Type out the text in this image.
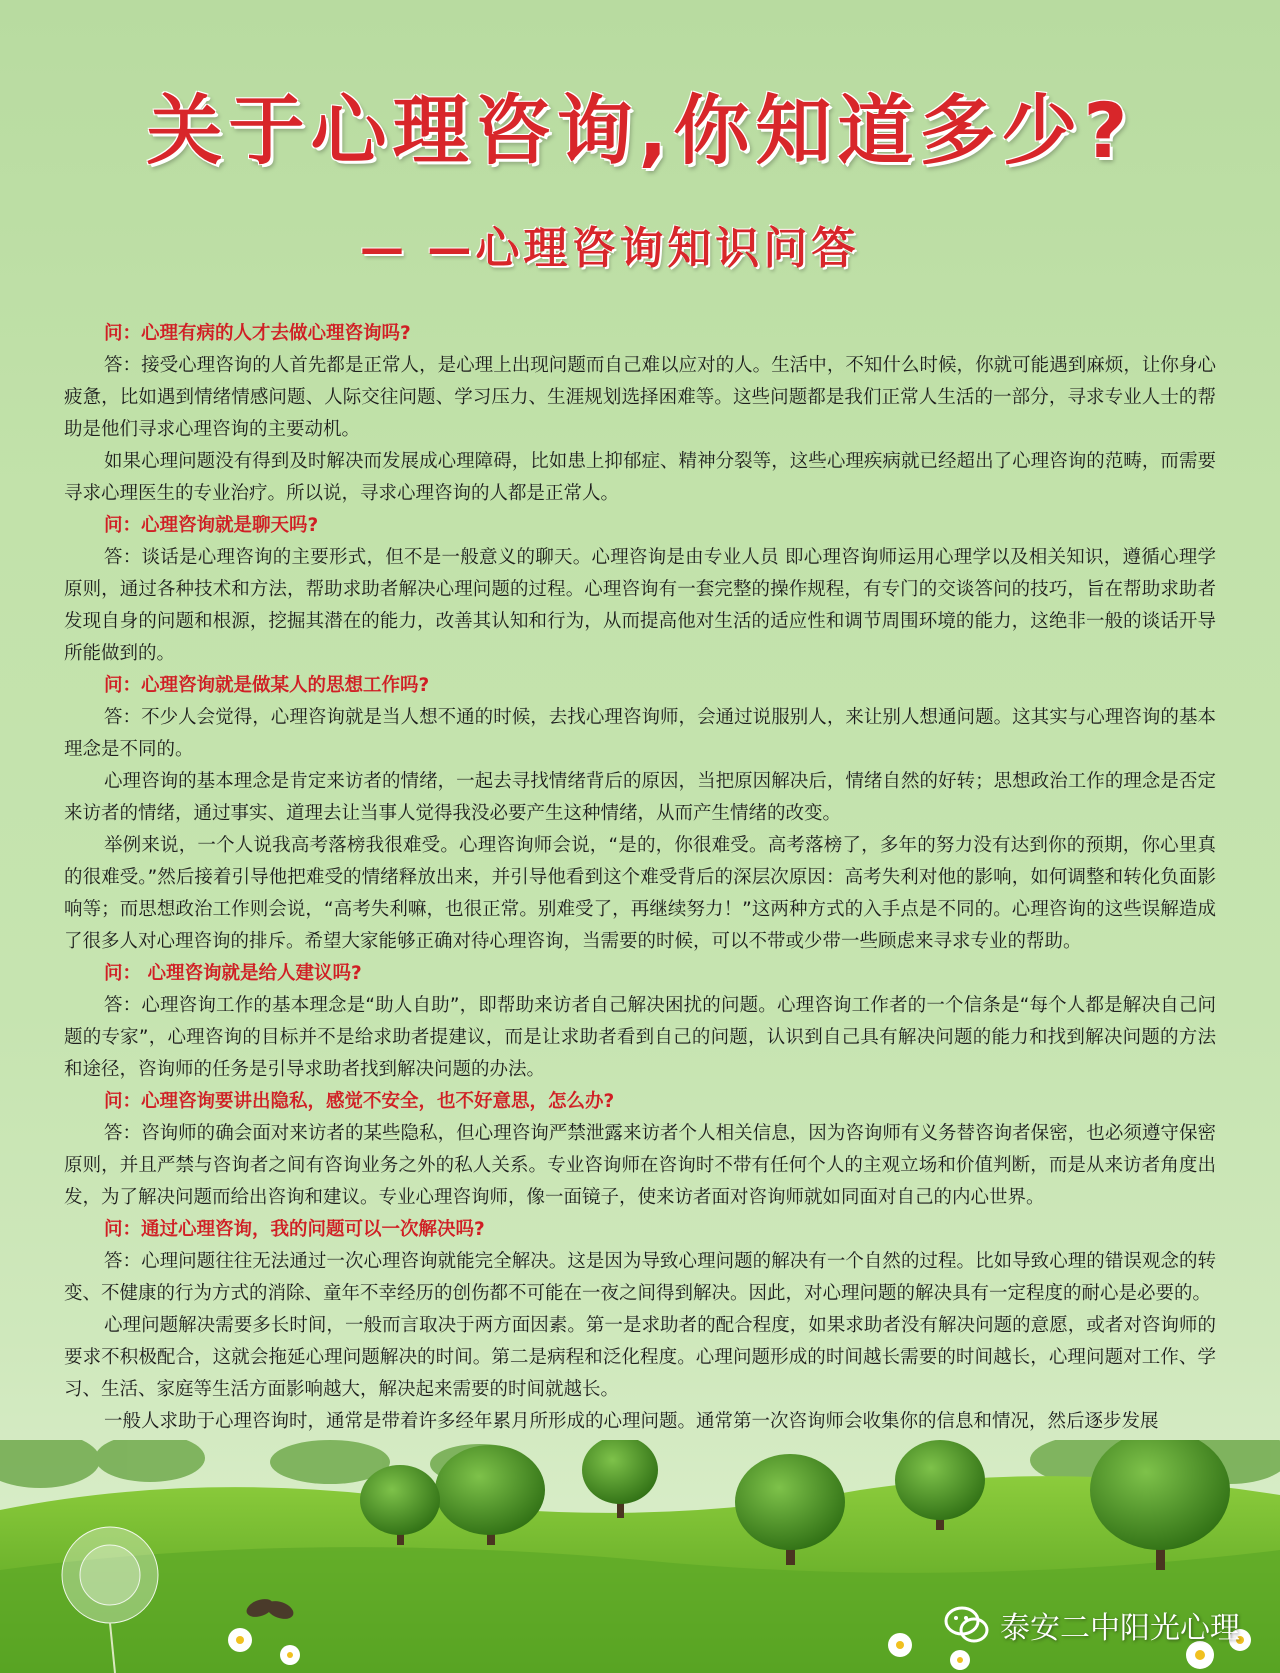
关于心理咨询,你知道多少?
— —心理咨询知识问答
问：心理有病的人才去做心理咨询吗?
答：接受心理咨询的人首先都是正常人，是心理上出现问题而自己难以应对的人。生活中，不知什么时候，你就可能遇到麻烦，让你身心疲惫，比如遇到情绪情感问题、人际交往问题、学习压力、生涯规划选择困难等。这些问题都是我们正常人生活的一部分，寻求专业人士的帮助是他们寻求心理咨询的主要动机。
如果心理问题没有得到及时解决而发展成心理障碍，比如患上抑郁症、精神分裂等，这些心理疾病就已经超出了心理咨询的范畴，而需要寻求心理医生的专业治疗。所以说，寻求心理咨询的人都是正常人。
问：心理咨询就是聊天吗?
答：谈话是心理咨询的主要形式，但不是一般意义的聊天。心理咨询是由专业人员 即心理咨询师运用心理学以及相关知识，遵循心理学原则，通过各种技术和方法，帮助求助者解决心理问题的过程。心理咨询有一套完整的操作规程，有专门的交谈答问的技巧，旨在帮助求助者发现自身的问题和根源，挖掘其潜在的能力，改善其认知和行为，从而提高他对生活的适应性和调节周围环境的能力，这绝非一般的谈话开导所能做到的。
问：心理咨询就是做某人的思想工作吗?
答：不少人会觉得，心理咨询就是当人想不通的时候，去找心理咨询师，会通过说服别人，来让别人想通问题。这其实与心理咨询的基本理念是不同的。
心理咨询的基本理念是肯定来访者的情绪，一起去寻找情绪背后的原因，当把原因解决后，情绪自然的好转；思想政治工作的理念是否定来访者的情绪，通过事实、道理去让当事人觉得我没必要产生这种情绪，从而产生情绪的改变。
举例来说，一个人说我高考落榜我很难受。心理咨询师会说，“是的，你很难受。高考落榜了，多年的努力没有达到你的预期，你心里真的很难受。”然后接着引导他把难受的情绪释放出来，并引导他看到这个难受背后的深层次原因：高考失利对他的影响，如何调整和转化负面影响等；而思想政治工作则会说，“高考失利嘛，也很正常。别难受了，再继续努力！”这两种方式的入手点是不同的。心理咨询的这些误解造成了很多人对心理咨询的排斥。希望大家能够正确对待心理咨询，当需要的时候，可以不带或少带一些顾虑来寻求专业的帮助。
问： 心理咨询就是给人建议吗?
答：心理咨询工作的基本理念是“助人自助”，即帮助来访者自己解决困扰的问题。心理咨询工作者的一个信条是“每个人都是解决自己问题的专家”，心理咨询的目标并不是给求助者提建议，而是让求助者看到自己的问题，认识到自己具有解决问题的能力和找到解决问题的方法和途径，咨询师的任务是引导求助者找到解决问题的办法。
问：心理咨询要讲出隐私，感觉不安全，也不好意思，怎么办?
答：咨询师的确会面对来访者的某些隐私，但心理咨询严禁泄露来访者个人相关信息，因为咨询师有义务替咨询者保密，也必须遵守保密原则，并且严禁与咨询者之间有咨询业务之外的私人关系。专业咨询师在咨询时不带有任何个人的主观立场和价值判断，而是从来访者角度出发，为了解决问题而给出咨询和建议。专业心理咨询师，像一面镜子，使来访者面对咨询师就如同面对自己的内心世界。
问：通过心理咨询，我的问题可以一次解决吗?
答：心理问题往往无法通过一次心理咨询就能完全解决。这是因为导致心理问题的解决有一个自然的过程。比如导致心理的错误观念的转变、不健康的行为方式的消除、童年不幸经历的创伤都不可能在一夜之间得到解决。因此，对心理问题的解决具有一定程度的耐心是必要的。
心理问题解决需要多长时间，一般而言取决于两方面因素。第一是求助者的配合程度，如果求助者没有解决问题的意愿，或者对咨询师的要求不积极配合，这就会拖延心理问题解决的时间。第二是病程和泛化程度。心理问题形成的时间越长需要的时间越长，心理问题对工作、学习、生活、家庭等生活方面影响越大，解决起来需要的时间就越长。
一般人求助于心理咨询时，通常是带着许多经年累月所形成的心理问题。通常第一次咨询师会收集你的信息和情况，然后逐步发展
泰安二中阳光心理
